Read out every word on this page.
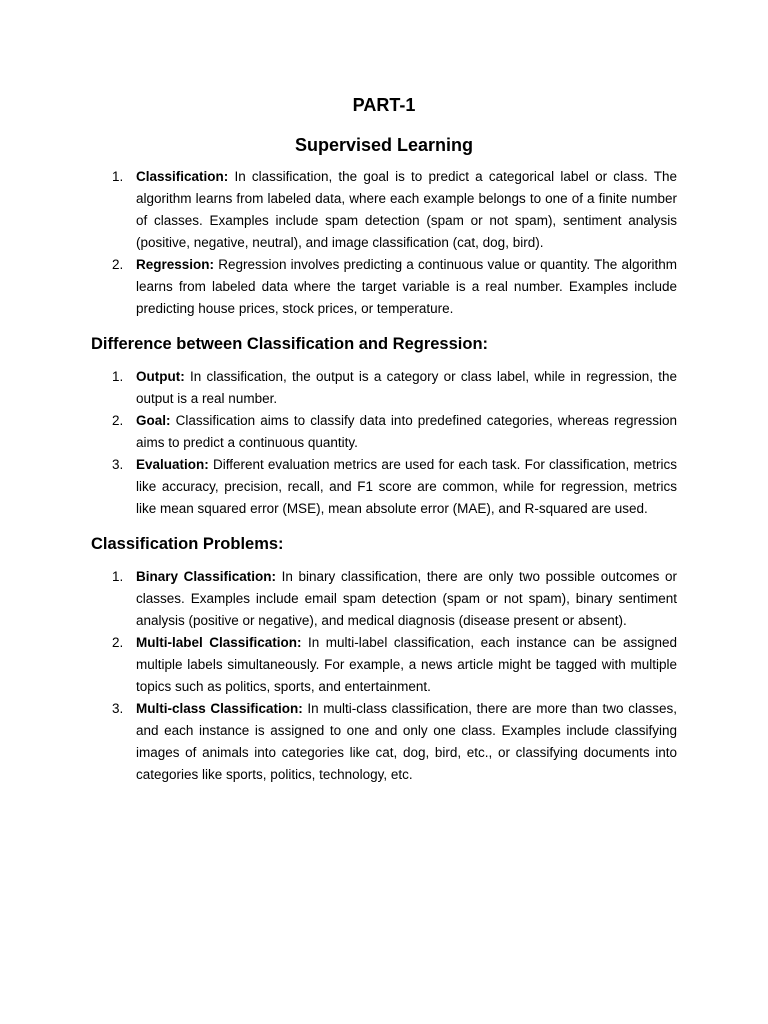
PART-1
Supervised Learning
1. Classification: In classification, the goal is to predict a categorical label or class. The algorithm learns from labeled data, where each example belongs to one of a finite number of classes. Examples include spam detection (spam or not spam), sentiment analysis (positive, negative, neutral), and image classification (cat, dog, bird).
2. Regression: Regression involves predicting a continuous value or quantity. The algorithm learns from labeled data where the target variable is a real number. Examples include predicting house prices, stock prices, or temperature.
Difference between Classification and Regression:
1. Output: In classification, the output is a category or class label, while in regression, the output is a real number.
2. Goal: Classification aims to classify data into predefined categories, whereas regression aims to predict a continuous quantity.
3. Evaluation: Different evaluation metrics are used for each task. For classification, metrics like accuracy, precision, recall, and F1 score are common, while for regression, metrics like mean squared error (MSE), mean absolute error (MAE), and R-squared are used.
Classification Problems:
1. Binary Classification: In binary classification, there are only two possible outcomes or classes. Examples include email spam detection (spam or not spam), binary sentiment analysis (positive or negative), and medical diagnosis (disease present or absent).
2. Multi-label Classification: In multi-label classification, each instance can be assigned multiple labels simultaneously. For example, a news article might be tagged with multiple topics such as politics, sports, and entertainment.
3. Multi-class Classification: In multi-class classification, there are more than two classes, and each instance is assigned to one and only one class. Examples include classifying images of animals into categories like cat, dog, bird, etc., or classifying documents into categories like sports, politics, technology, etc.
